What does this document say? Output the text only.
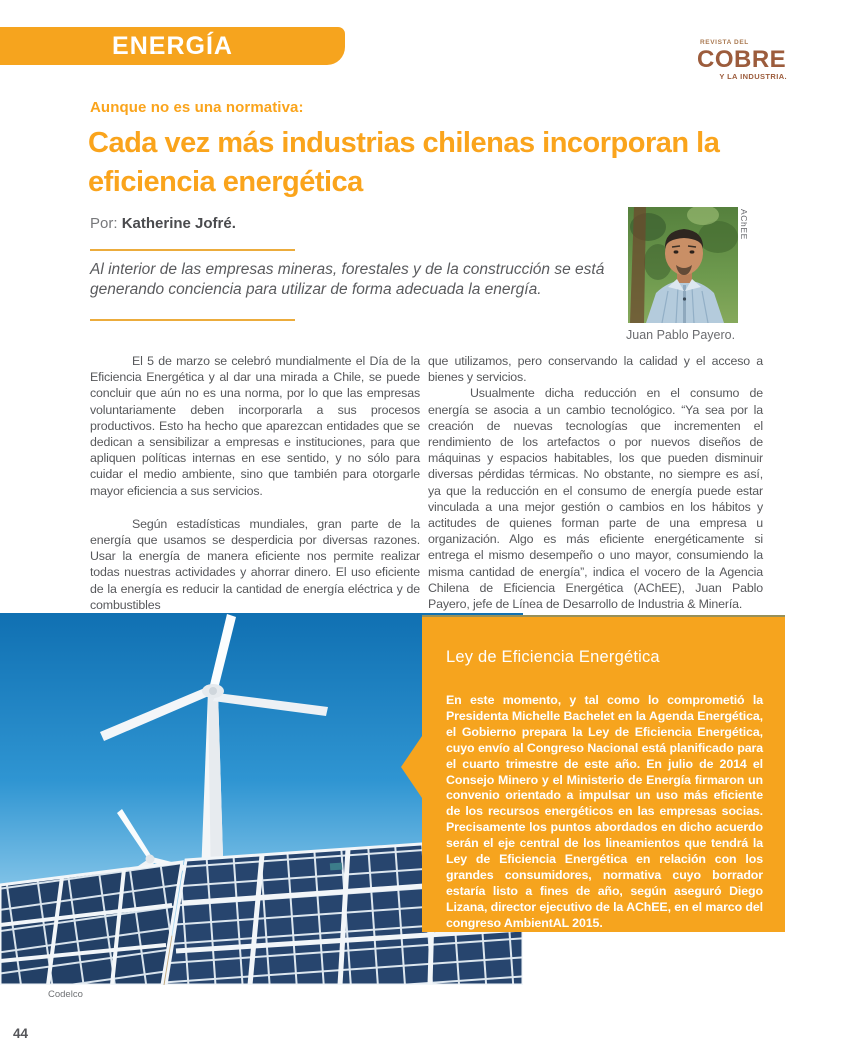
ENERGÍA	REVISTA DEL
COBRE
Y LA INDUSTRIA.
Aunque no es una normativa:
Cada vez más industrias chilenas incorporan la eficiencia energética
Por: Katherine Jofré.
Al interior de las empresas mineras, forestales y de la construcción se está generando conciencia para utilizar de forma adecuada la energía.
AChEE
Juan Pablo Payero.

El 5 de marzo se celebró mundialmente el Día de la Eficiencia Energética y al dar una mirada a Chile, se puede concluir que aún no es una norma, por lo que las empresas voluntariamente deben incorporarla a sus procesos productivos. Esto ha hecho que aparezcan entidades que se dedican a sensibilizar a empresas e instituciones, para que apliquen políticas internas en ese sentido, y no sólo para cuidar el medio ambiente, sino que también para otorgarle mayor eficiencia a sus servicios.

Según estadísticas mundiales, gran parte de la energía que usamos se desperdicia por diversas razones. Usar la energía de manera eficiente nos permite realizar todas nuestras actividades y ahorrar dinero. El uso eficiente de la energía es reducir la cantidad de energía eléctrica y de combustibles

que utilizamos, pero conservando la calidad y el acceso a bienes y servicios.

Usualmente dicha reducción en el consumo de energía se asocia a un cambio tecnológico. “Ya sea por la creación de nuevas tecnologías que incrementen el rendimiento de los artefactos o por nuevos diseños de máquinas y espacios habitables, los que pueden disminuir diversas pérdidas térmicas. No obstante, no siempre es así, ya que la reducción en el consumo de energía puede estar vinculada a una mejor gestión o cambios en los hábitos y actitudes de quienes forman parte de una empresa u organización. Algo es más eficiente energéticamente si entrega el mismo desempeño o uno mayor, consumiendo la misma cantidad de energía”, indica el vocero de la Agencia Chilena de Eficiencia Energética (AChEE), Juan Pablo Payero, jefe de Línea de Desarrollo de Industria & Minería.

Codelco
Ley de Eficiencia Energética

En este momento, y tal como lo comprometió la Presidenta Michelle Bachelet en la Agenda Energética, el Gobierno prepara la Ley de Eficiencia Energética, cuyo envío al Congreso Nacional está planificado para el cuarto trimestre de este año. En julio de 2014 el Consejo Minero y el Ministerio de Energía firmaron un convenio orientado a impulsar un uso más eficiente de los recursos energéticos en las empresas socias. Precisamente los puntos abordados en dicho acuerdo serán el eje central de los lineamientos que tendrá la Ley de Eficiencia Energética en relación con los grandes consumidores, normativa cuyo borrador estaría listo a fines de año, según aseguró Diego Lizana, director ejecutivo de la AChEE, en el marco del congreso AmbientAL 2015.

44
